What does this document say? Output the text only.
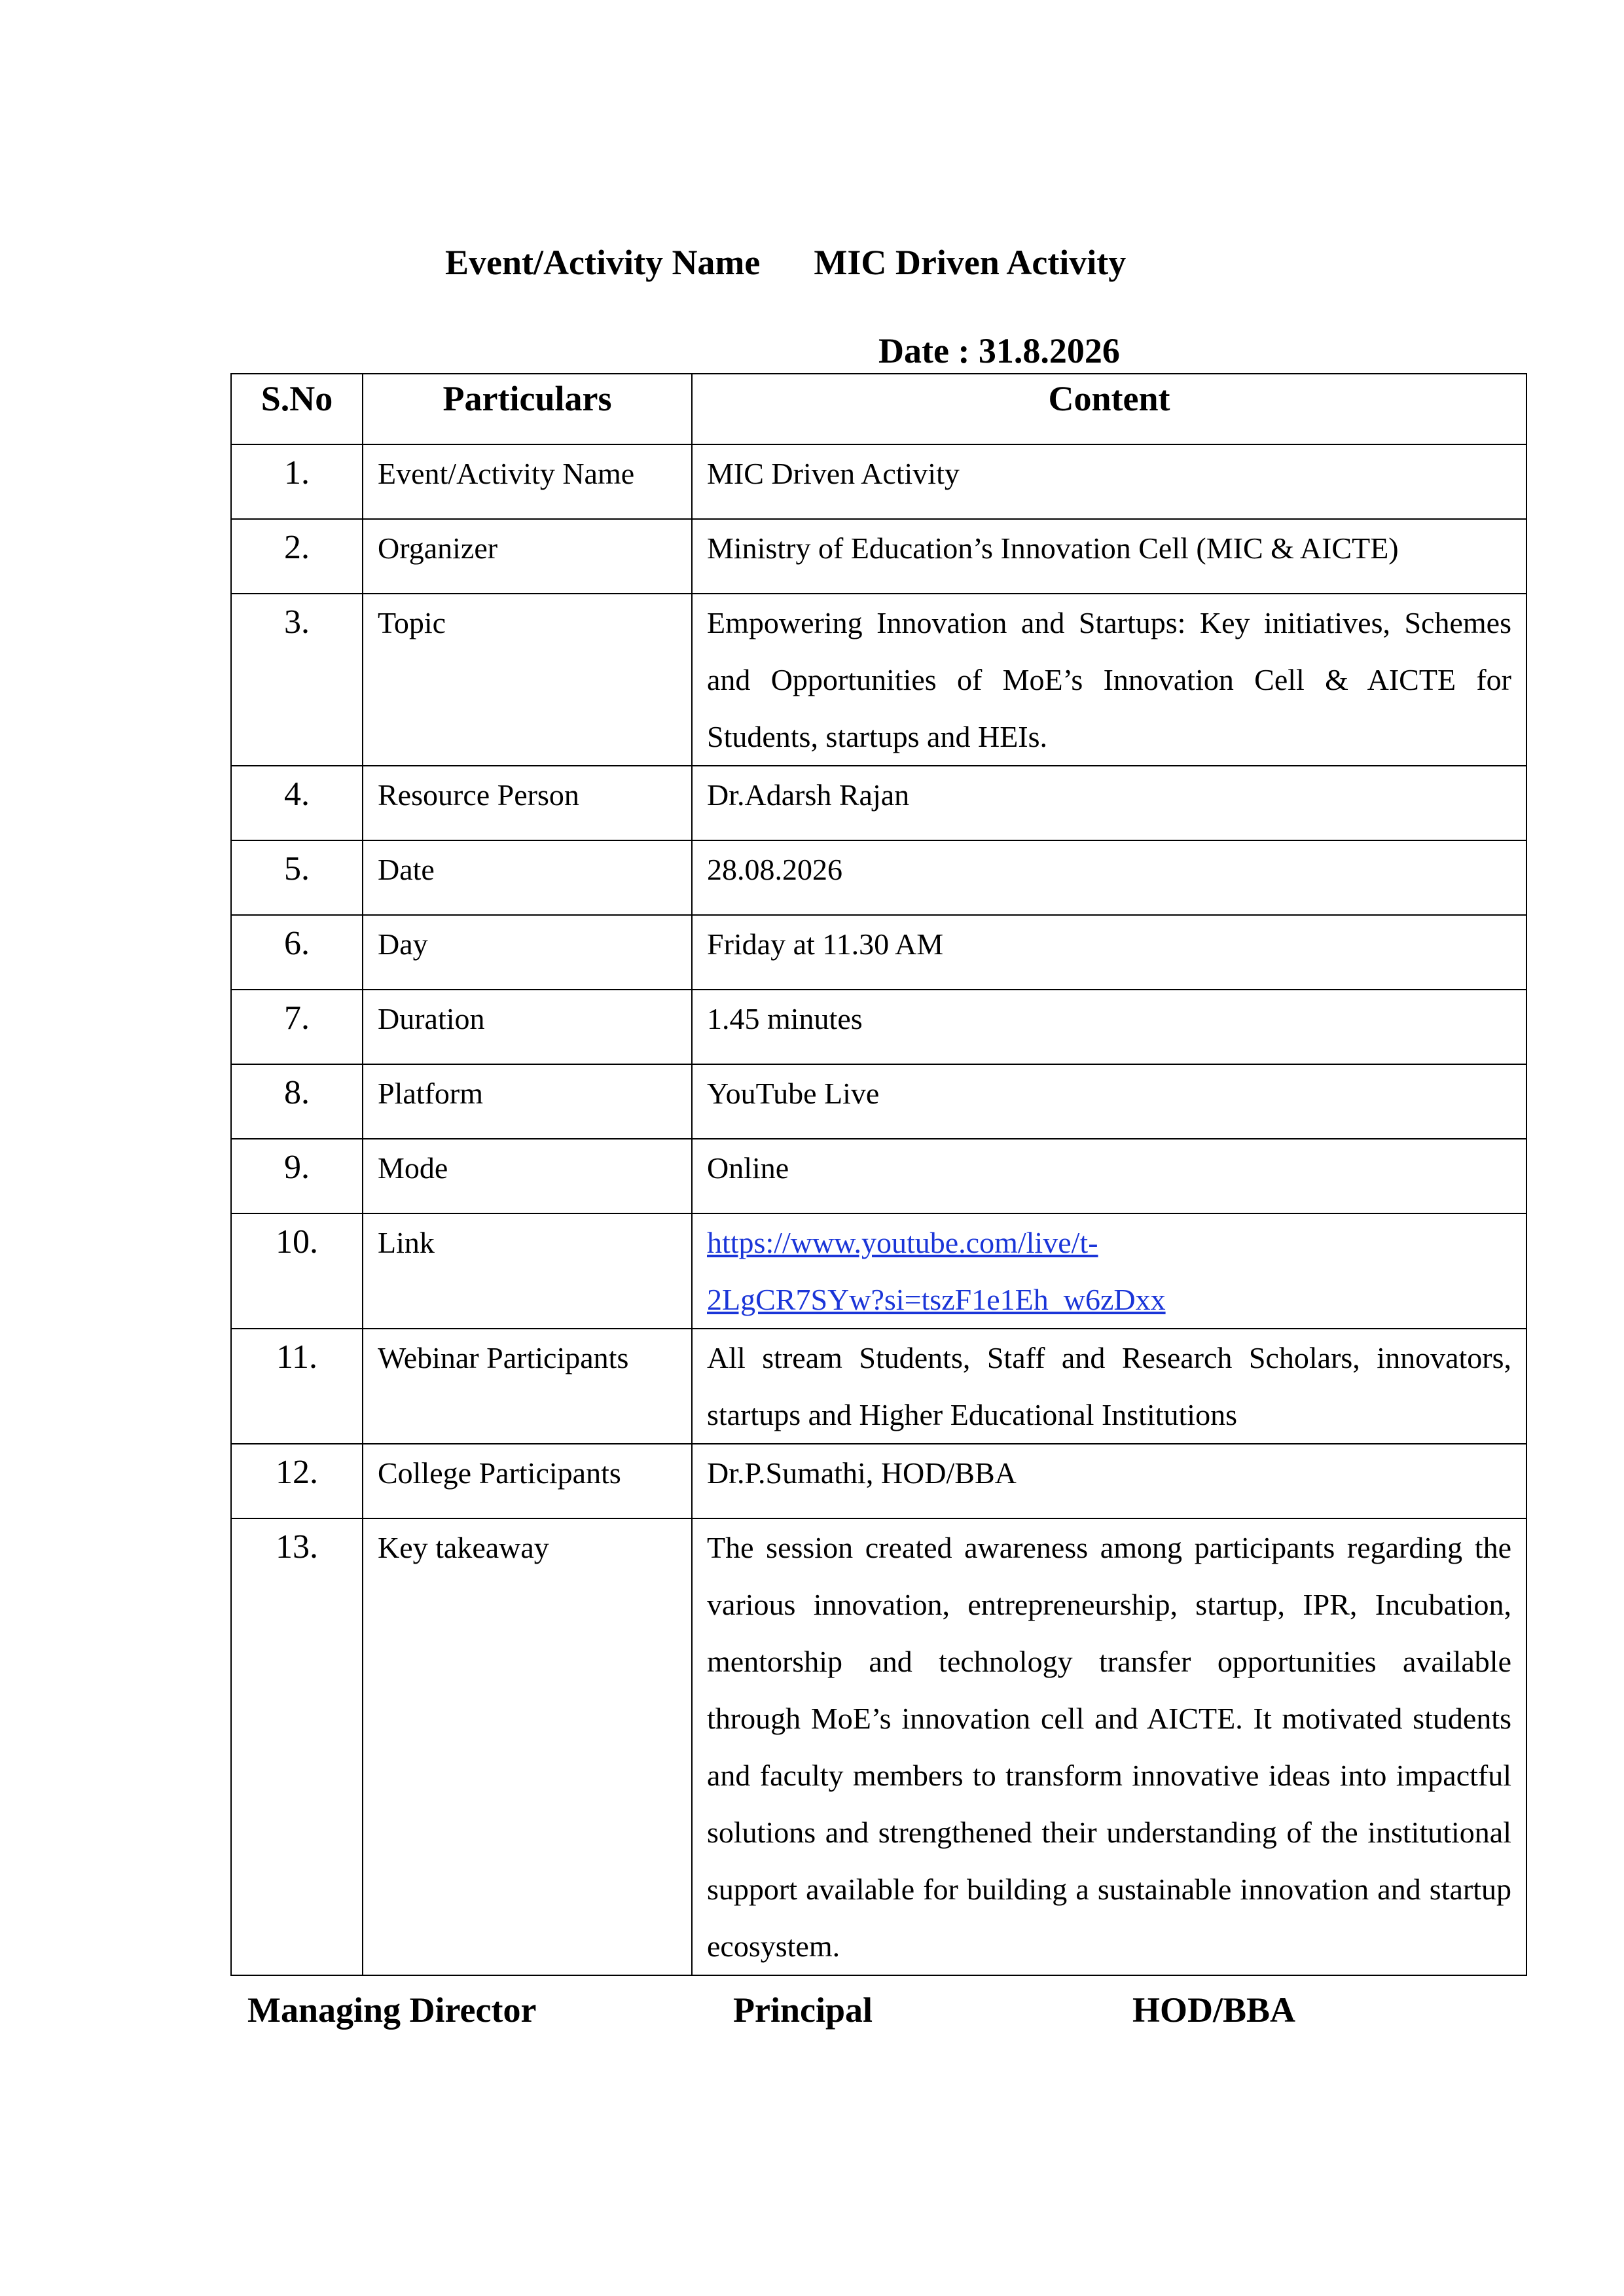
Event/Activity Name MIC Driven Activity
Date : 31.8.2026
S.No	Particulars	Content
1.	Event/Activity Name	MIC Driven Activity
2.	Organizer	Ministry of Education’s Innovation Cell (MIC & AICTE)
3.	Topic	Empowering Innovation and Startups: Key initiatives, Schemes and Opportunities of MoE’s Innovation Cell & AICTE for Students, startups and HEIs.
4.	Resource Person	Dr.Adarsh Rajan
5.	Date	28.08.2026
6.	Day	Friday at 11.30 AM
7.	Duration	1.45 minutes
8.	Platform	YouTube Live
9.	Mode	Online
10.	Link	https://www.youtube.com/live/t-
2LgCR7SYw?si=tszF1e1Eh_w6zDxx
11.	Webinar Participants	All stream Students, Staff and Research Scholars, innovators, startups and Higher Educational Institutions
12.	College Participants	Dr.P.Sumathi, HOD/BBA
13.	Key takeaway	The session created awareness among participants regarding the various innovation, entrepreneurship, startup, IPR, Incubation, mentorship and technology transfer opportunities available through MoE’s innovation cell and AICTE. It motivated students and faculty members to transform innovative ideas into impactful solutions and strengthened their understanding of the institutional support available for building a sustainable innovation and startup ecosystem.
Managing Director	Principal	HOD/BBA
